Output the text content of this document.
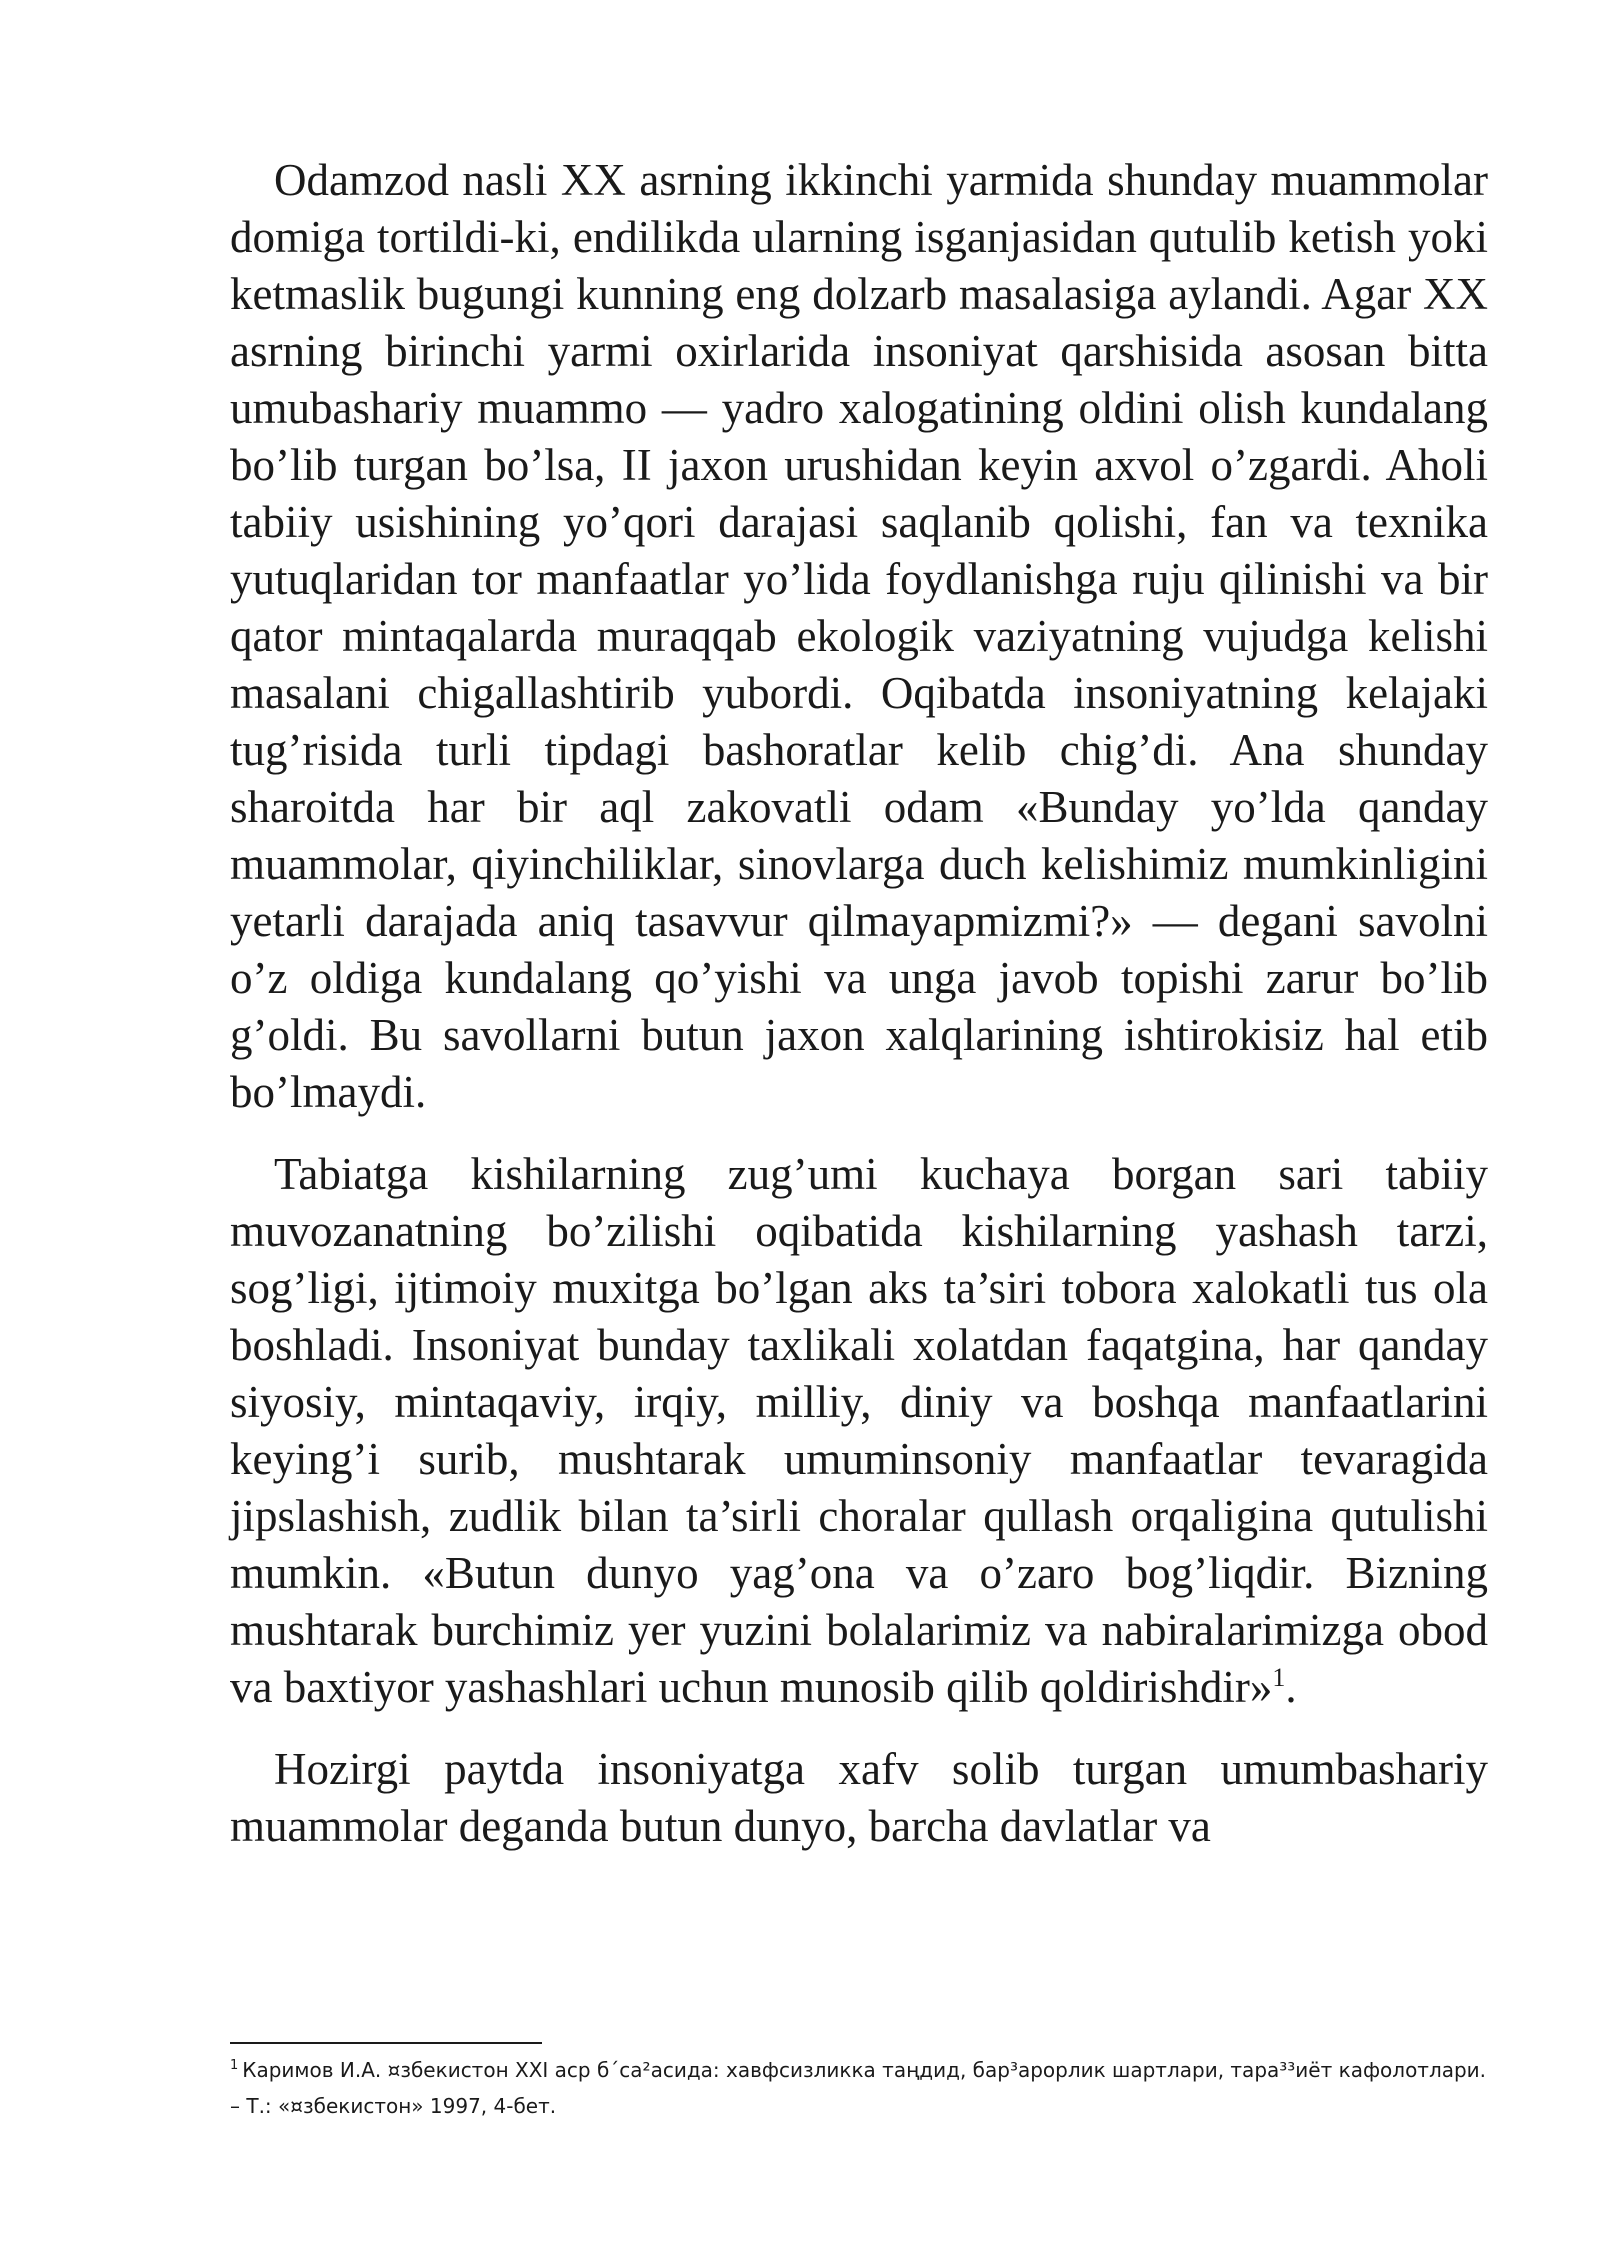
Odamzod nasli XX asrning ikkinchi yarmida shunday muammolar domiga tortildi-ki, endilikda ularning isganjasidan qutulib ketish yoki ketmaslik bugungi kunning eng dolzarb masalasiga aylandi. Agar XX asrning birinchi yarmi oxirlarida insoniyat qarshisida asosan bitta umubashariy muammo — yadro xalogatining oldini olish kundalang bo’lib turgan bo’lsa, II jaxon urushidan keyin axvol o’zgardi. Aholi tabiiy usishining yo’qori darajasi saqlanib qolishi, fan va texnika yutuqlaridan tor manfaatlar yo’lida foydlanishga ruju qilinishi va bir qator mintaqalarda muraqqab ekologik vaziyatning vujudga kelishi masalani chigallashtirib yubordi. Oqibatda insoniyatning kelajaki tug’risida turli tipdagi bashoratlar kelib chig’di. Ana shunday sharoitda har bir aql zakovatli odam «Bunday yo’lda qanday muammolar, qiyinchiliklar, sinovlarga duch kelishimiz mumkinligini yetarli darajada aniq tasavvur qilmayapmizmi?» — degani savolni o’z oldiga kundalang qo’yishi va unga javob topishi zarur bo’lib g’oldi. Bu savollarni butun jaxon xalqlarining ishtirokisiz hal etib bo’lmaydi.

Tabiatga kishilarning zug’umi kuchaya borgan sari tabiiy muvozanatning bo’zilishi oqibatida kishilarning yashash tarzi, sog’ligi, ijtimoiy muxitga bo’lgan aks ta’siri tobora xalokatli tus ola boshladi. Insoniyat bunday taxlikali xolatdan faqatgina, har qanday siyosiy, mintaqaviy, irqiy, milliy, diniy va boshqa manfaatlarini keying’i surib, mushtarak umuminsoniy manfaatlar tevaragida jipslashish, zudlik bilan ta’sirli choralar qullash orqaligina qutulishi mumkin. «Butun dunyo yag’ona va o’zaro bog’liqdir. Bizning mushtarak burchimiz yer yuzini bolalarimiz va nabiralarimizga obod va baxtiyor yashashlari uchun munosib qilib qoldirishdir»$^1$.

Hozirgi paytda insoniyatga xafv solib turgan umumbashariy muammolar deganda butun dunyo, barcha davlatlar va

$^1$ Каримов И.А. ¤збекистон XXI аср б´са²асида: хавфсизликка таңдид, бар³арорлик шартлари, тара³³иёт кафолотлари. – Т.: «¤збекистон» 1997, 4-бет.
